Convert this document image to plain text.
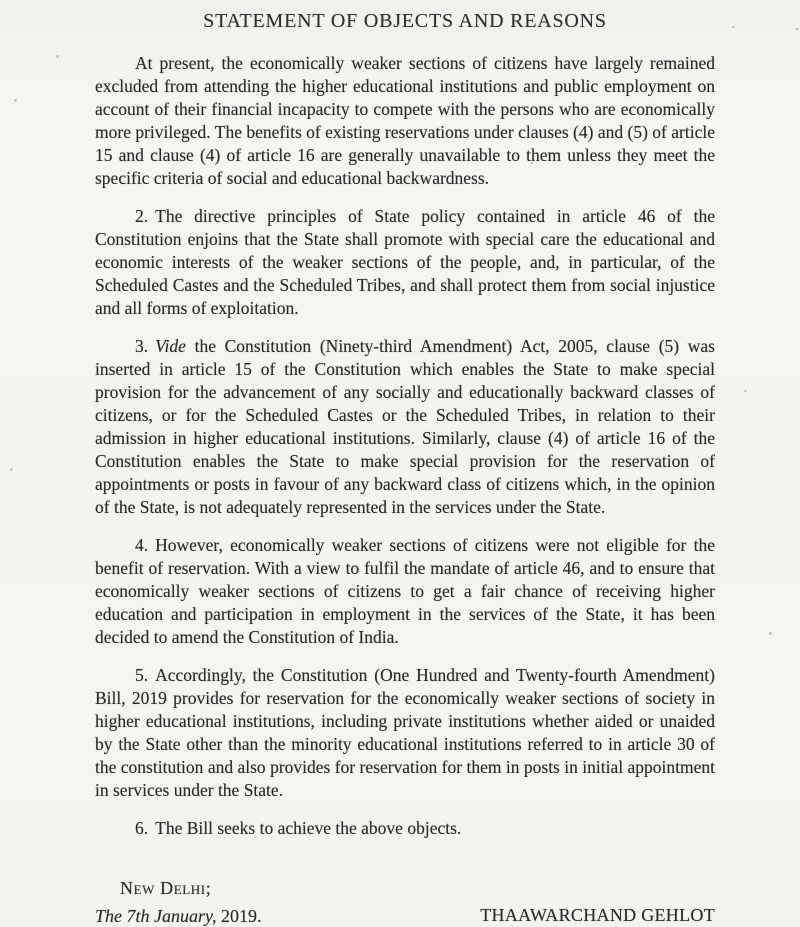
STATEMENT OF OBJECTS AND REASONS

At present, the economically weaker sections of citizens have largely remained excluded from attending the higher educational institutions and public employment on account of their financial incapacity to compete with the persons who are economically more privileged. The benefits of existing reservations under clauses (4) and (5) of article 15 and clause (4) of article 16 are generally unavailable to them unless they meet the specific criteria of social and educational backwardness.

2. The directive principles of State policy contained in article 46 of the Constitution enjoins that the State shall promote with special care the educational and economic interests of the weaker sections of the people, and, in particular, of the Scheduled Castes and the Scheduled Tribes, and shall protect them from social injustice and all forms of exploitation.

3. Vide the Constitution (Ninety-third Amendment) Act, 2005, clause (5) was inserted in article 15 of the Constitution which enables the State to make special provision for the advancement of any socially and educationally backward classes of citizens, or for the Scheduled Castes or the Scheduled Tribes, in relation to their admission in higher educational institutions. Similarly, clause (4) of article 16 of the Constitution enables the State to make special provision for the reservation of appointments or posts in favour of any backward class of citizens which, in the opinion of the State, is not adequately represented in the services under the State.

4. However, economically weaker sections of citizens were not eligible for the benefit of reservation. With a view to fulfil the mandate of article 46, and to ensure that economically weaker sections of citizens to get a fair chance of receiving higher education and participation in employment in the services of the State, it has been decided to amend the Constitution of India.

5. Accordingly, the Constitution (One Hundred and Twenty-fourth Amendment) Bill, 2019 provides for reservation for the economically weaker sections of society in higher educational institutions, including private institutions whether aided or unaided by the State other than the minority educational institutions referred to in article 30 of the constitution and also provides for reservation for them in posts in initial appointment in services under the State.

6. The Bill seeks to achieve the above objects.

New Delhi;
The 7th January, 2019.	THAAWARCHAND GEHLOT
